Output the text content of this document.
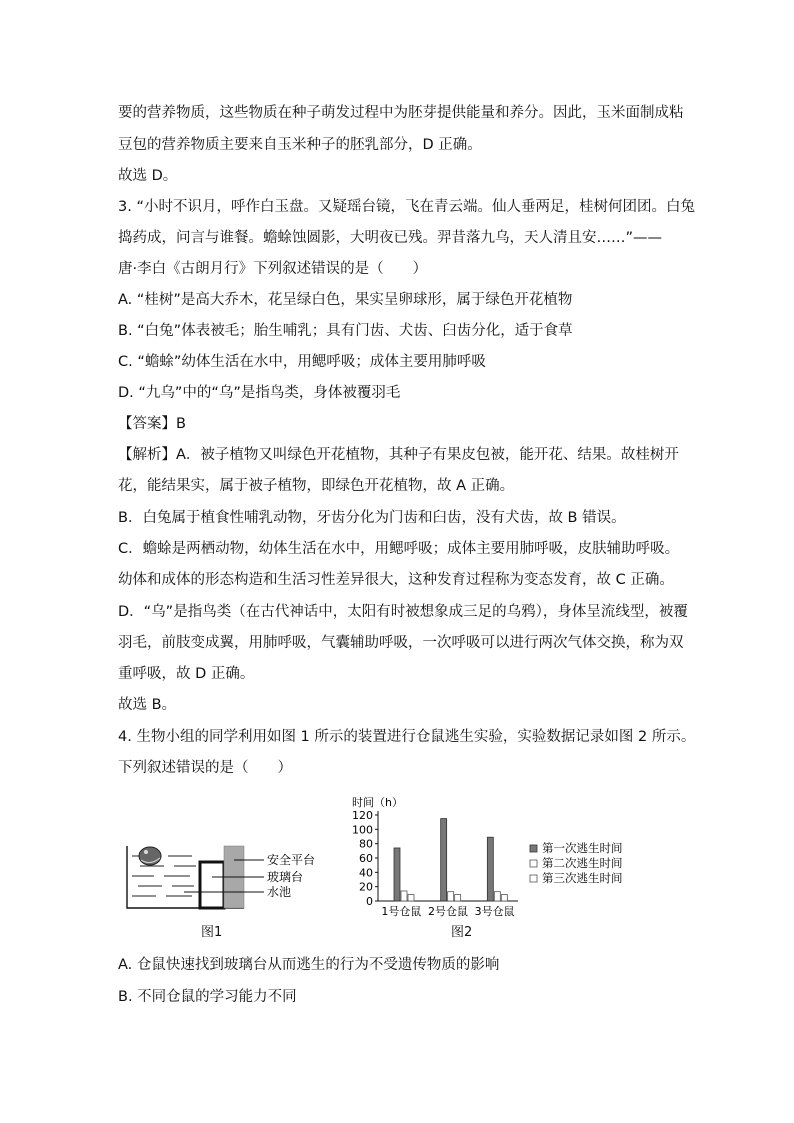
要的营养物质，这些物质在种子萌发过程中为胚芽提供能量和养分。因此，玉米面制成粘
豆包的营养物质主要来自玉米种子的胚乳部分，D 正确。
故选 D。
3. “小时不识月，呼作白玉盘。又疑瑶台镜，飞在青云端。仙人垂两足，桂树何团团。白兔
捣药成，问言与谁餐。蟾蜍蚀圆影，大明夜已残。羿昔落九乌，天人清且安……”——
唐·李白《古朗月行》下列叙述错误的是（　　）
A. “桂树”是高大乔木，花呈绿白色，果实呈卵球形，属于绿色开花植物
B. “白兔”体表被毛；胎生哺乳；具有门齿、犬齿、臼齿分化，适于食草
C. “蟾蜍”幼体生活在水中，用鳃呼吸；成体主要用肺呼吸
D. “九乌”中的“乌”是指鸟类，身体被覆羽毛
【答案】B
【解析】A．被子植物又叫绿色开花植物，其种子有果皮包被，能开花、结果。故桂树开
花，能结果实，属于被子植物，即绿色开花植物，故 A 正确。
B．白兔属于植食性哺乳动物，牙齿分化为门齿和臼齿，没有犬齿，故 B 错误。
C．蟾蜍是两栖动物，幼体生活在水中，用鳃呼吸；成体主要用肺呼吸，皮肤辅助呼吸。
幼体和成体的形态构造和生活习性差异很大，这种发育过程称为变态发育，故 C 正确。
D．“乌”是指鸟类（在古代神话中，太阳有时被想象成三足的乌鸦），身体呈流线型，被覆
羽毛，前肢变成翼，用肺呼吸，气囊辅助呼吸，一次呼吸可以进行两次气体交换，称为双
重呼吸，故 D 正确。
故选 B。
4. 生物小组的同学利用如图 1 所示的装置进行仓鼠逃生实验，实验数据记录如图 2 所示。
下列叙述错误的是（　　）
A. 仓鼠快速找到玻璃台从而逃生的行为不受遗传物质的影响
B. 不同仓鼠的学习能力不同
安全平台
玻璃台
水池
图1
时间（h）
0
20
40
60
80
100
120
1号仓鼠 2号仓鼠 3号仓鼠
第一次逃生时间
第二次逃生时间
第三次逃生时间
图2
